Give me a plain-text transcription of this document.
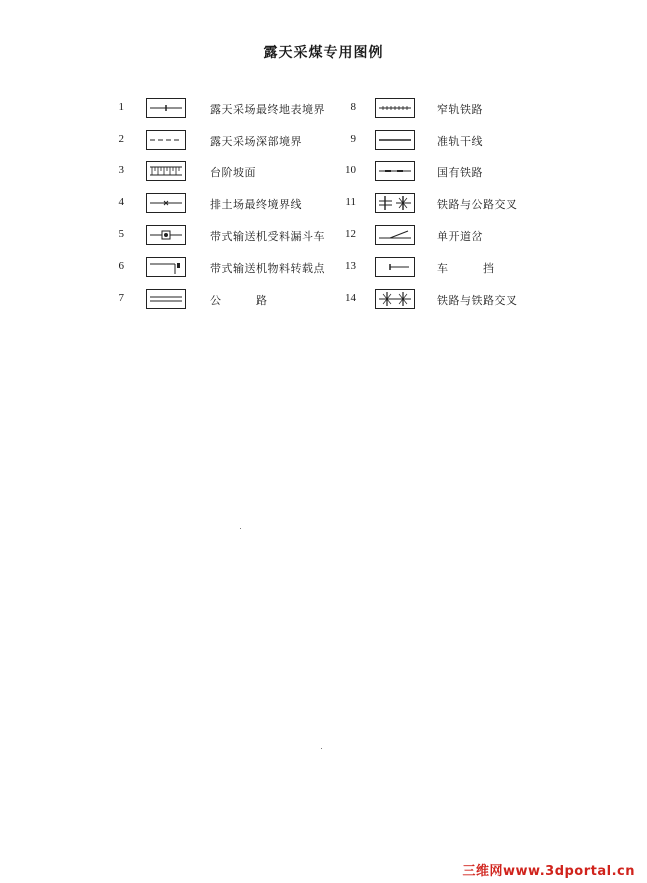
露天采煤专用图例
1	露天采场最终地表境界
2	露天采场深部境界
3	台阶坡面
4	排土场最终境界线
5	带式输送机受料漏斗车
6	带式输送机物料转载点
7	公　　　路
8	窄轨铁路
9	准轨干线
10	国有铁路
11	铁路与公路交叉
12	单开道岔
13	车　　　挡
14	铁路与铁路交叉
三维网www.3dportal.cn
